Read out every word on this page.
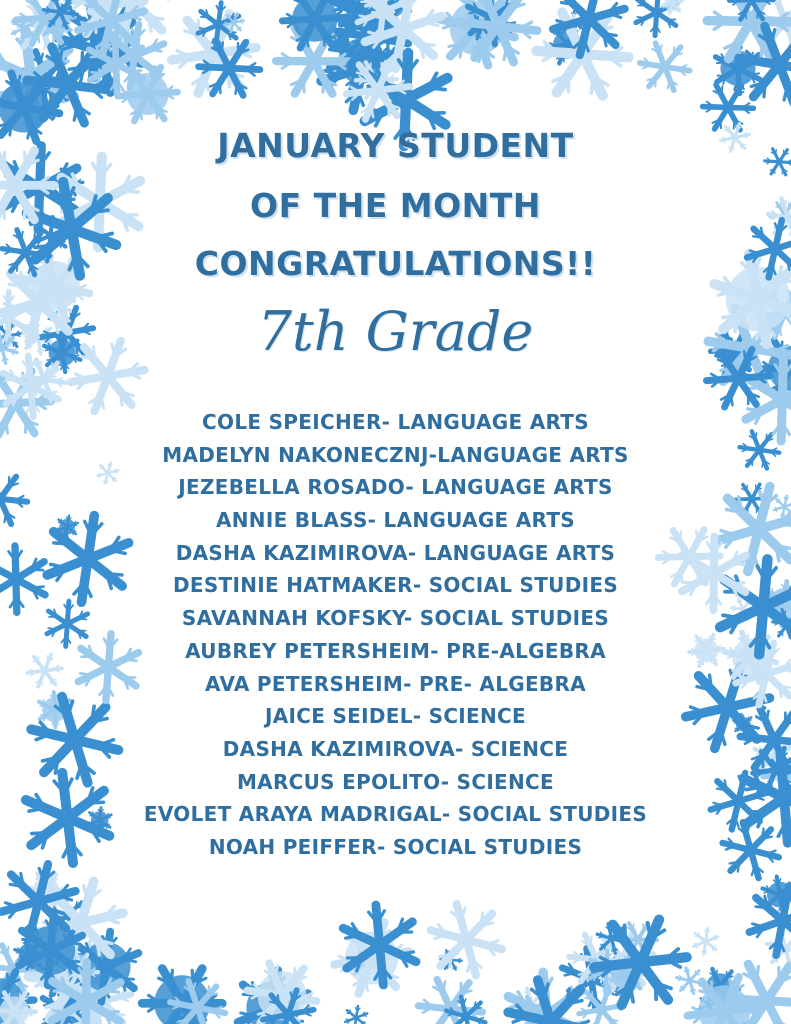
JANUARY STUDENT
OF THE MONTH
CONGRATULATIONS!!
7th Grade
COLE SPEICHER- LANGUAGE ARTS
MADELYN NAKONECZNJ-LANGUAGE ARTS
JEZEBELLA ROSADO- LANGUAGE ARTS
ANNIE BLASS- LANGUAGE ARTS
DASHA KAZIMIROVA- LANGUAGE ARTS
DESTINIE HATMAKER- SOCIAL STUDIES
SAVANNAH KOFSKY- SOCIAL STUDIES
AUBREY PETERSHEIM- PRE-ALGEBRA
AVA PETERSHEIM- PRE- ALGEBRA
JAICE SEIDEL- SCIENCE
DASHA KAZIMIROVA- SCIENCE
MARCUS EPOLITO- SCIENCE
EVOLET ARAYA MADRIGAL- SOCIAL STUDIES
NOAH PEIFFER- SOCIAL STUDIES
